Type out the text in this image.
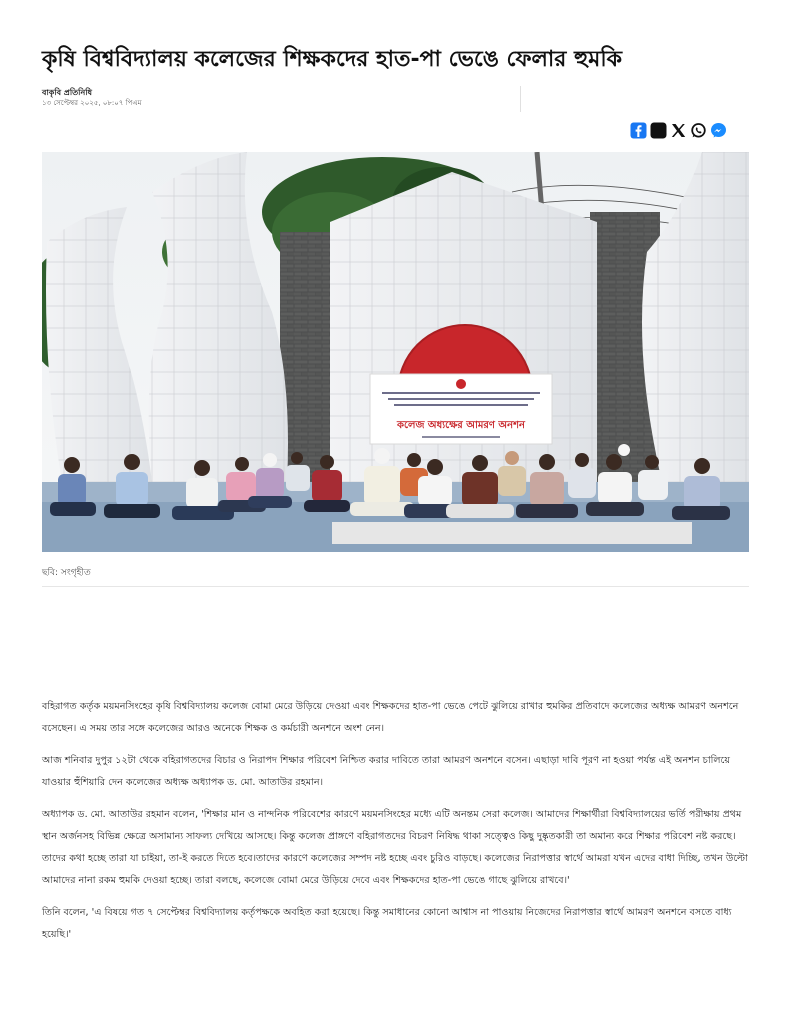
কৃষি বিশ্ববিদ্যালয় কলেজের শিক্ষকদের হাত-পা ভেঙে ফেলার হুমকি
বাকৃবি প্রতিনিধি
১৩ সেপ্টেম্বর ২০২৫, ০৮:০৭ পিএম
কলেজ অধ্যক্ষের আমরণ অনশন
ছবি: সংগৃহীত

বহিরাগত কর্তৃক ময়মনসিংহের কৃষি বিশ্ববিদ্যালয় কলেজ বোমা মেরে উড়িয়ে দেওয়া এবং শিক্ষকদের হাত-পা ভেঙে পেটে ঝুলিয়ে রাখার হুমকির প্রতিবাদে কলেজের অধ্যক্ষ আমরণ অনশনে বসেছেন। এ সময় তার সঙ্গে কলেজের আরও অনেকে শিক্ষক ও কর্মচারী অনশনে অংশ নেন।

আজ শনিবার দুপুর ১২টা থেকে বহিরাগতদের বিচার ও নিরাপদ শিক্ষার পরিবেশ নিশ্চিত করার দাবিতে তারা আমরণ অনশনে বসেন। এছাড়া দাবি পূরণ না হওয়া পর্যন্ত এই অনশন চালিয়ে যাওয়ার হুঁশিয়ারি দেন কলেজের অধ্যক্ষ অধ্যাপক ড. মো. আতাউর রহমান।

অধ্যাপক ড. মো. আতাউর রহমান বলেন, 'শিক্ষার মান ও নান্দনিক পরিবেশের কারণে ময়মনসিংহের মধ্যে এটি অনন্তম সেরা কলেজ। আমাদের শিক্ষার্থীরা বিশ্ববিদ্যালয়ের ভর্তি পরীক্ষায় প্রথম স্থান অর্জনসহ বিভিন্ন ক্ষেত্রে অসামান্য সাফল্য দেখিয়ে আসছে। কিন্তু কলেজ প্রাঙ্গণে বহিরাগতদের বিচরণ নিষিদ্ধ থাকা সত্ত্বেও কিছু দুষ্কৃতকারী তা অমান্য করে শিক্ষার পরিবেশ নষ্ট করছে। তাদের কথা হচ্ছে তারা যা চাইয়া, তা-ই করতে দিতে হবে।তাদের কারণে কলেজের সম্পদ নষ্ট হচ্ছে এবং চুরিও বাড়ছে। কলেজের নিরাপত্তার স্বার্থে আমরা যখন এদের বাধা দিচ্ছি, তখন উল্টো আমাদের নানা রকম হুমকি দেওয়া হচ্ছে। তারা বলছে, কলেজে বোমা মেরে উড়িয়ে দেবে এবং শিক্ষকদের হাত-পা ভেঙে গাছে ঝুলিয়ে রাখবে।'

তিনি বলেন, 'এ বিষয়ে গত ৭ সেপ্টেম্বর বিশ্ববিদ্যালয় কর্তৃপক্ষকে অবহিত করা হয়েছে। কিন্তু সমাধানের কোনো আশ্বাস না পাওয়ায় নিজেদের নিরাপত্তার স্বার্থে আমরণ অনশনে বসতে বাধ্য হয়েছি।'
